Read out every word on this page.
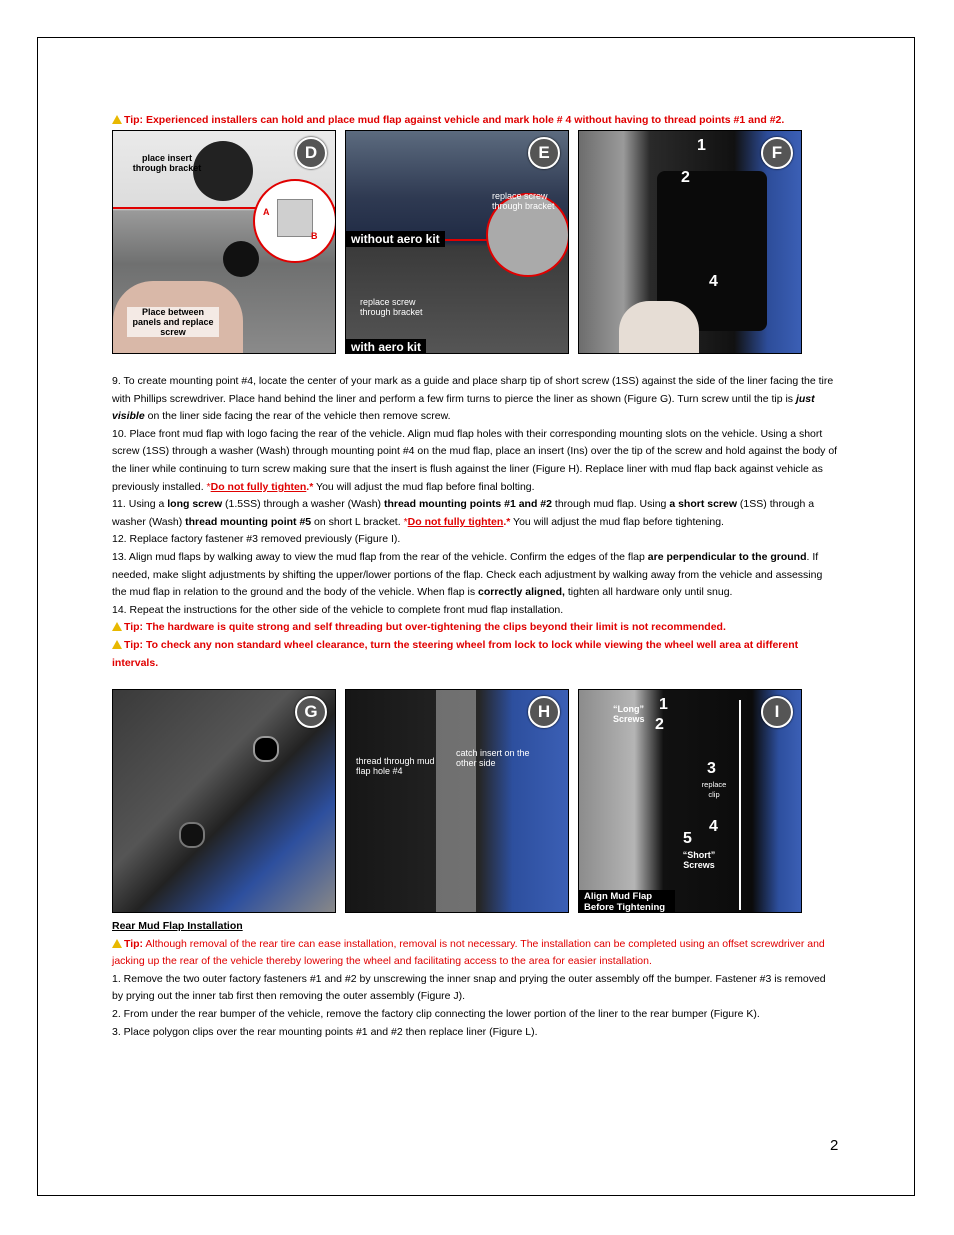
Tip: Experienced installers can hold and place mud flap against vehicle and mark hole # 4 without having to thread points #1 and #2.
place insert through bracket
A
B
Place between panels and replace screw
D
replace screw through bracket
without aero kit
replace screw through bracket
with aero kit
E	1
2
4
F

9. To create mounting point #4, locate the center of your mark as a guide and place sharp tip of short screw (1SS) against the side of the liner facing the tire with Phillips screwdriver. Place hand behind the liner and perform a few firm turns to pierce the liner as shown (Figure G). Turn screw until the tip is just visible on the liner side facing the rear of the vehicle then remove screw.

10. Place front mud flap with logo facing the rear of the vehicle. Align mud flap holes with their corresponding mounting slots on the vehicle. Using a short screw (1SS) through a washer (Wash) through mounting point #4 on the mud flap, place an insert (Ins) over the tip of the screw and hold against the body of the liner while continuing to turn screw making sure that the insert is flush against the liner (Figure H). Replace liner with mud flap back against vehicle as previously installed. *Do not fully tighten.* You will adjust the mud flap before final bolting.

11. Using a long screw (1.5SS) through a washer (Wash) thread mounting points #1 and #2 through mud flap. Using a short screw (1SS) through a washer (Wash) thread mounting point #5 on short L bracket. *Do not fully tighten.* You will adjust the mud flap before tightening.

12. Replace factory fastener #3 removed previously (Figure I).

13. Align mud flaps by walking away to view the mud flap from the rear of the vehicle. Confirm the edges of the flap are perpendicular to the ground. If needed, make slight adjustments by shifting the upper/lower portions of the flap. Check each adjustment by walking away from the vehicle and assessing the mud flap in relation to the ground and the body of the vehicle. When flap is correctly aligned, tighten all hardware only until snug.

14. Repeat the instructions for the other side of the vehicle to complete front mud flap installation.

Tip: The hardware is quite strong and self threading but over-tightening the clips beyond their limit is not recommended.

Tip: To check any non standard wheel clearance, turn the steering wheel from lock to lock while viewing the wheel well area at different intervals.

G
thread through mud flap hole #4
catch insert on the other side
H	“Long” Screws
1
2
3
replace clip
4
5
“Short” Screws
Align Mud Flap Before Tightening
I

Rear Mud Flap Installation

Tip: Although removal of the rear tire can ease installation, removal is not necessary. The installation can be completed using an offset screwdriver and jacking up the rear of the vehicle thereby lowering the wheel and facilitating access to the area for easier installation.

1. Remove the two outer factory fasteners #1 and #2 by unscrewing the inner snap and prying the outer assembly off the bumper. Fastener #3 is removed by prying out the inner tab first then removing the outer assembly (Figure J).

2. From under the rear bumper of the vehicle, remove the factory clip connecting the lower portion of the liner to the rear bumper (Figure K).

3. Place polygon clips over the rear mounting points #1 and #2 then replace liner (Figure L).

2
